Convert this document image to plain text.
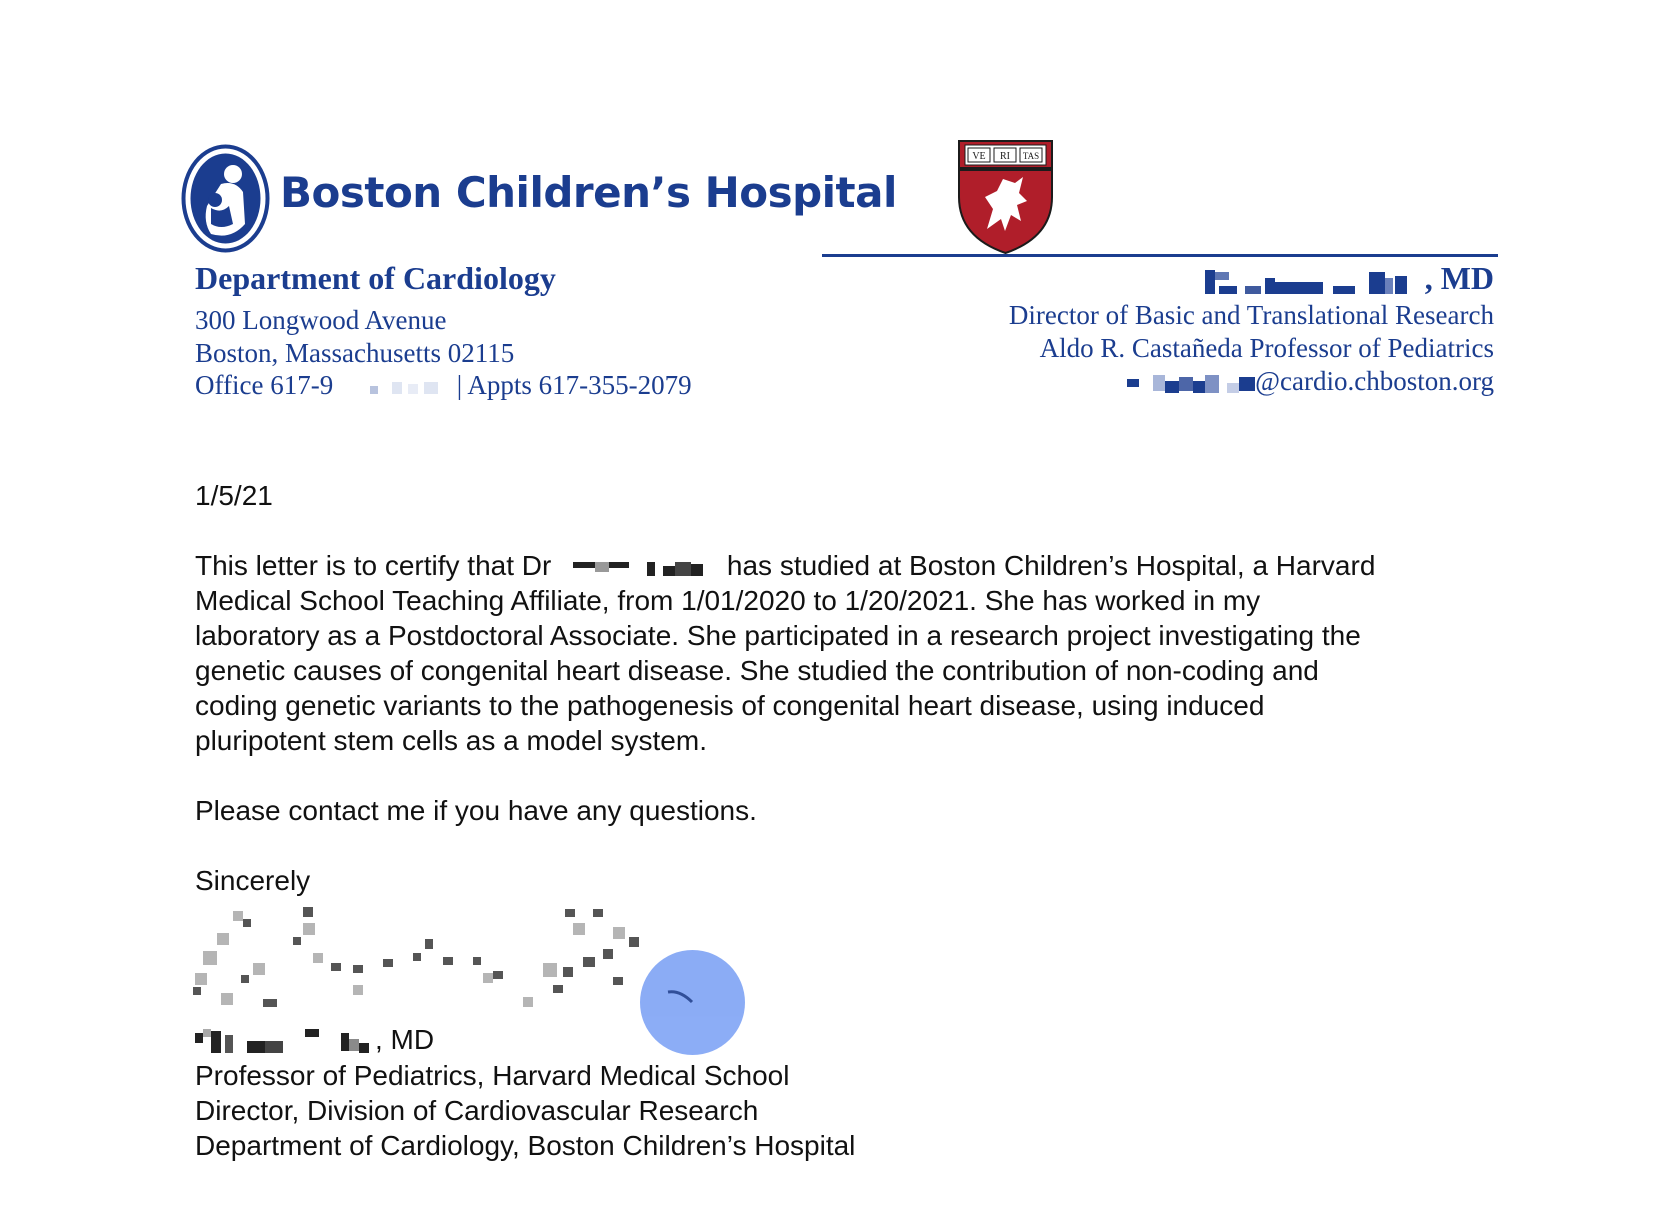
Boston Children’s Hospital
VE RI TAS
Department of Cardiology
300 Longwood Avenue
Boston, Massachusetts 02115
Office 617-9	| Appts 617-355-2079
, MD
Director of Basic and Translational Research
Aldo R. Castañeda Professor of Pediatrics
@cardio.chboston.org
1/5/21
This letter is to certify that Dr	has studied at Boston Children’s Hospital, a Harvard
Medical School Teaching Affiliate, from 1/01/2020 to 1/20/2021. She has worked in my
laboratory as a Postdoctoral Associate. She participated in a research project investigating the
genetic causes of congenital heart disease. She studied the contribution of non-coding and
coding genetic variants to the pathogenesis of congenital heart disease, using induced
pluripotent stem cells as a model system.
Please contact me if you have any questions.
Sincerely
, MD
Professor of Pediatrics, Harvard Medical School
Director, Division of Cardiovascular Research
Department of Cardiology, Boston Children’s Hospital
